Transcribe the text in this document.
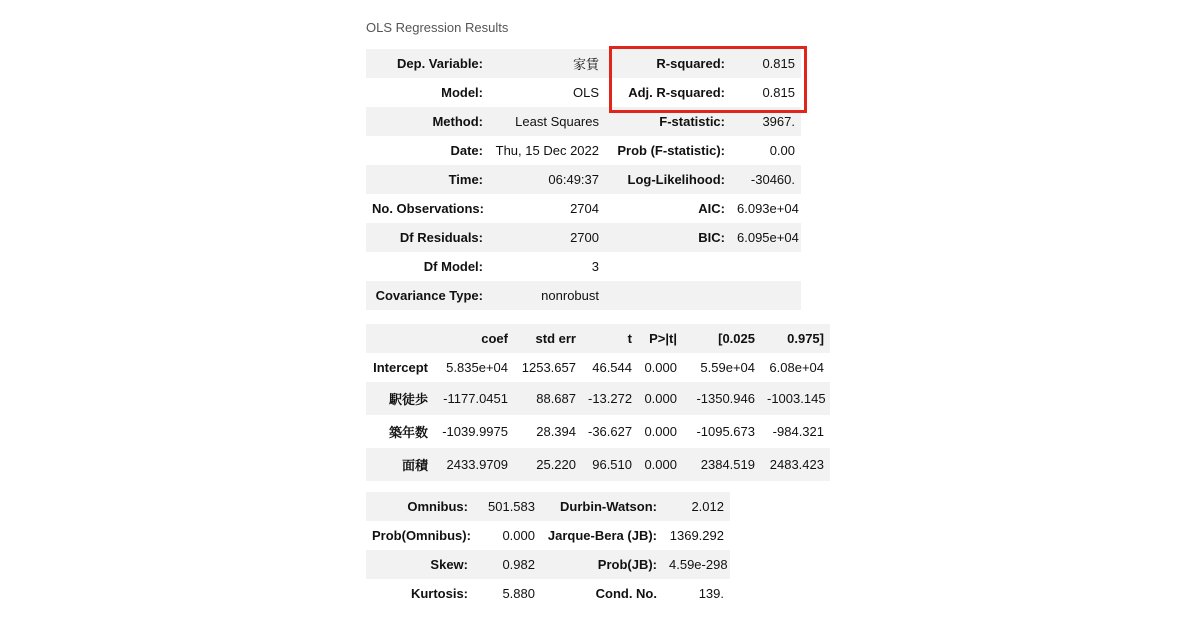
OLS Regression Results
Dep. Variable:	家賃	R-squared:	0.815
Model:	OLS	Adj. R-squared:	0.815
Method:	Least Squares	F-statistic:	3967.
Date:	Thu, 15 Dec 2022	Prob (F-statistic):	0.00
Time:	06:49:37	Log-Likelihood:	-30460.
No. Observations:	2704	AIC:	6.093e+04
Df Residuals:	2700	BIC:	6.095e+04
Df Model:	3		
Covariance Type:	nonrobust		
	coef	std err	t	P>|t|	[0.025	0.975]
Intercept	5.835e+04	1253.657	46.544	0.000	5.59e+04	6.08e+04
駅徒歩	-1177.0451	88.687	-13.272	0.000	-1350.946	-1003.145
築年数	-1039.9975	28.394	-36.627	0.000	-1095.673	-984.321
面積	2433.9709	25.220	96.510	0.000	2384.519	2483.423
Omnibus:	501.583	Durbin-Watson:	2.012
Prob(Omnibus):	0.000	Jarque-Bera (JB):	1369.292
Skew:	0.982	Prob(JB):	4.59e-298
Kurtosis:	5.880	Cond. No.	139.
